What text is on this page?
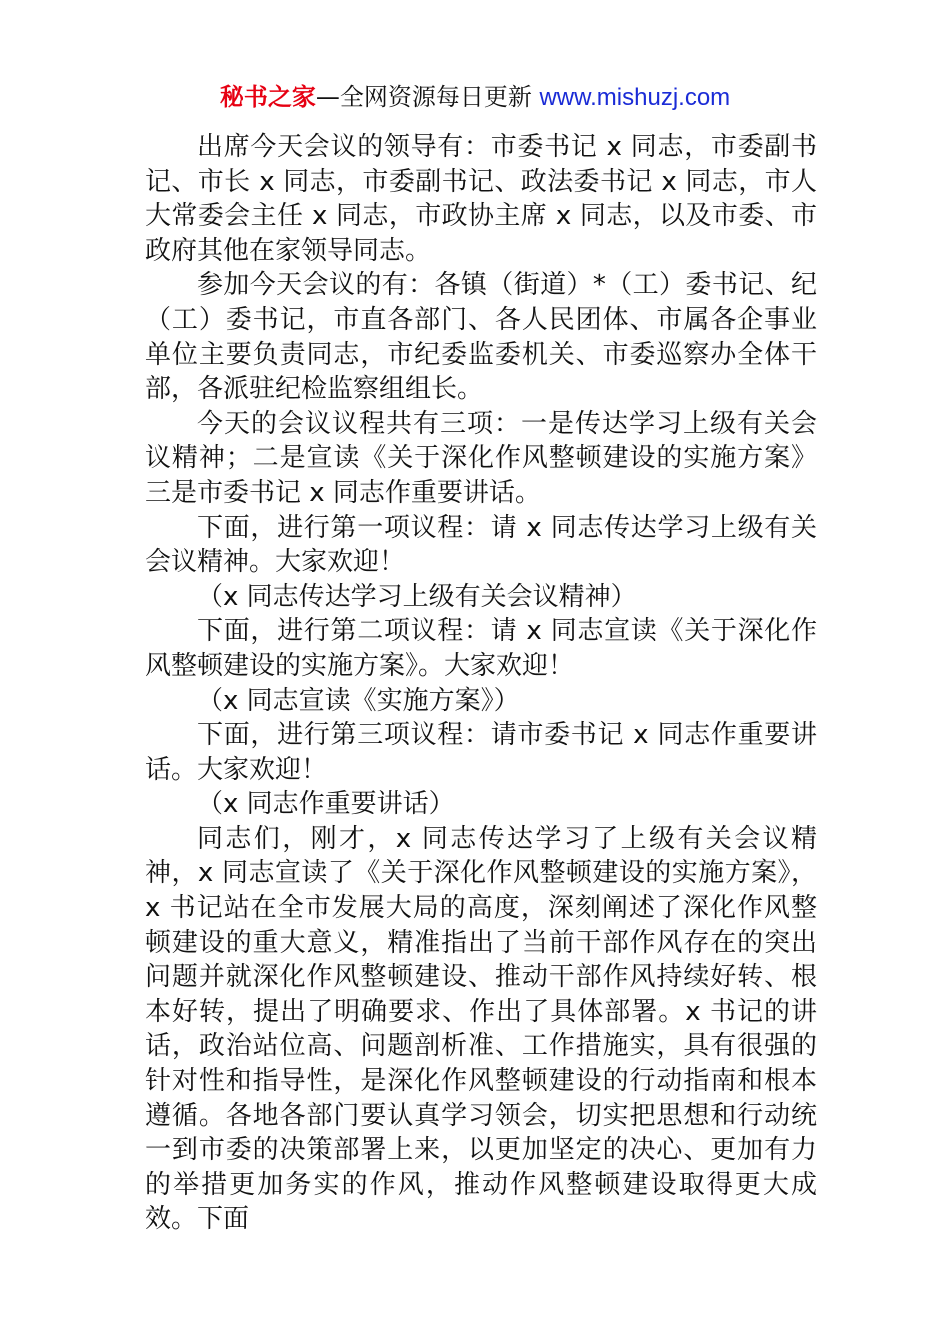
秘书之家—全网资源每日更新 www.mishuzj.com

出席今天会议的领导有：市委书记 x 同志，市委副书记、市长 x 同志，市委副书记、政法委书记 x 同志，市人大常委会主任 x 同志，市政协主席 x 同志，以及市委、市政府其他在家领导同志。

参加今天会议的有：各镇（街道）*（工）委书记、纪（工）委书记，市直各部门、各人民团体、市属各企事业单位主要负责同志，市纪委监委机关、市委巡察办全体干部，各派驻纪检监察组组长。

今天的会议议程共有三项：一是传达学习上级有关会议精神；二是宣读《关于深化作风整顿建设的实施方案》三是市委书记 x 同志作重要讲话。

下面，进行第一项议程：请 x 同志传达学习上级有关会议精神。大家欢迎！

（x 同志传达学习上级有关会议精神）

下面，进行第二项议程：请 x 同志宣读《关于深化作风整顿建设的实施方案》。大家欢迎！

（x 同志宣读《实施方案》）

下面，进行第三项议程：请市委书记 x 同志作重要讲话。大家欢迎！

（x 同志作重要讲话）

同志们，刚才，x 同志传达学习了上级有关会议精神，x 同志宣读了《关于深化作风整顿建设的实施方案》，x 书记站在全市发展大局的高度，深刻阐述了深化作风整顿建设的重大意义，精准指出了当前干部作风存在的突出问题并就深化作风整顿建设、推动干部作风持续好转、根本好转，提出了明确要求、作出了具体部署。x 书记的讲话，政治站位高、问题剖析准、工作措施实，具有很强的针对性和指导性，是深化作风整顿建设的行动指南和根本遵循。各地各部门要认真学习领会，切实把思想和行动统一到市委的决策部署上来，以更加坚定的决心、更加有力的举措更加务实的作风，推动作风整顿建设取得更大成效。下面
